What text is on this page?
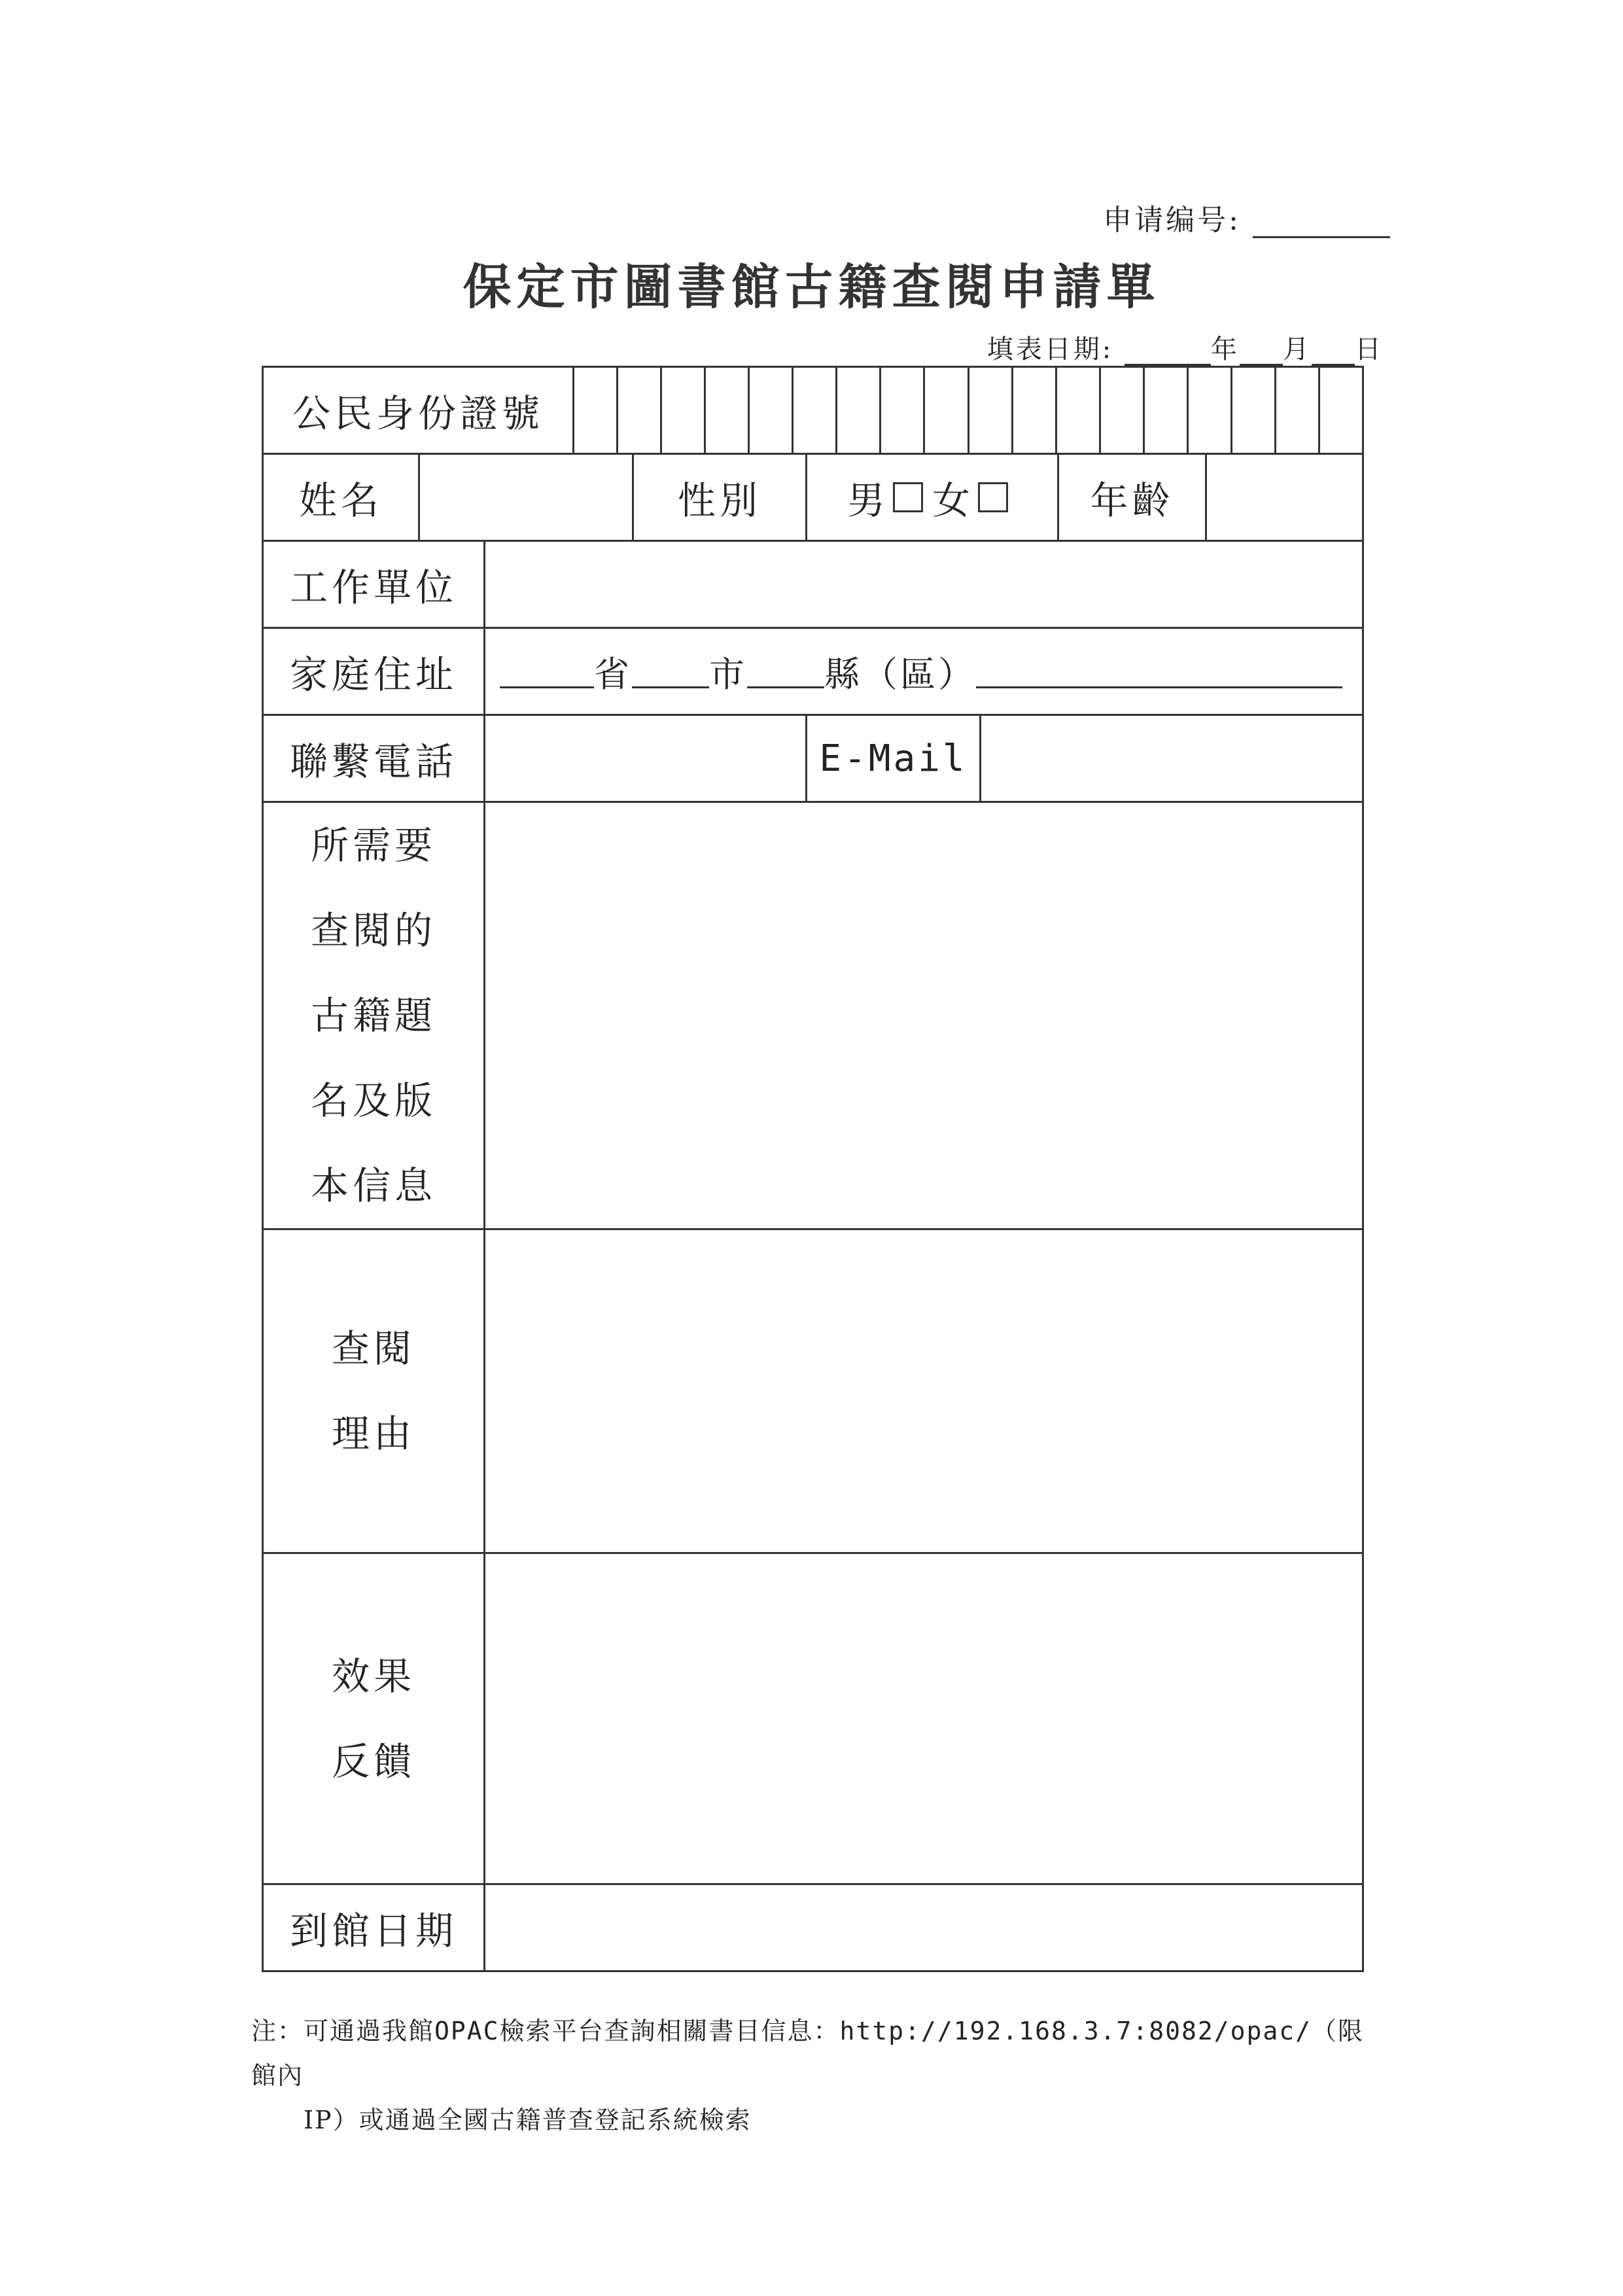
申请编号:
保定市圖書館古籍查閱申請單
填表日期:	年 月 日
公民身份證號
姓名	性別	男 女	年齡
工作單位
家庭住址	省 市 縣（區）
聯繫電話	E-Mail
所需要
查閱的
古籍題
名及版
本信息
查閱
理由
效果
反饋
到館日期
注：可通過我館OPAC檢索平台查詢相關書目信息：http://192.168.3.7:8082/opac/（限館內
IP）或通過全國古籍普查登記系統檢索
